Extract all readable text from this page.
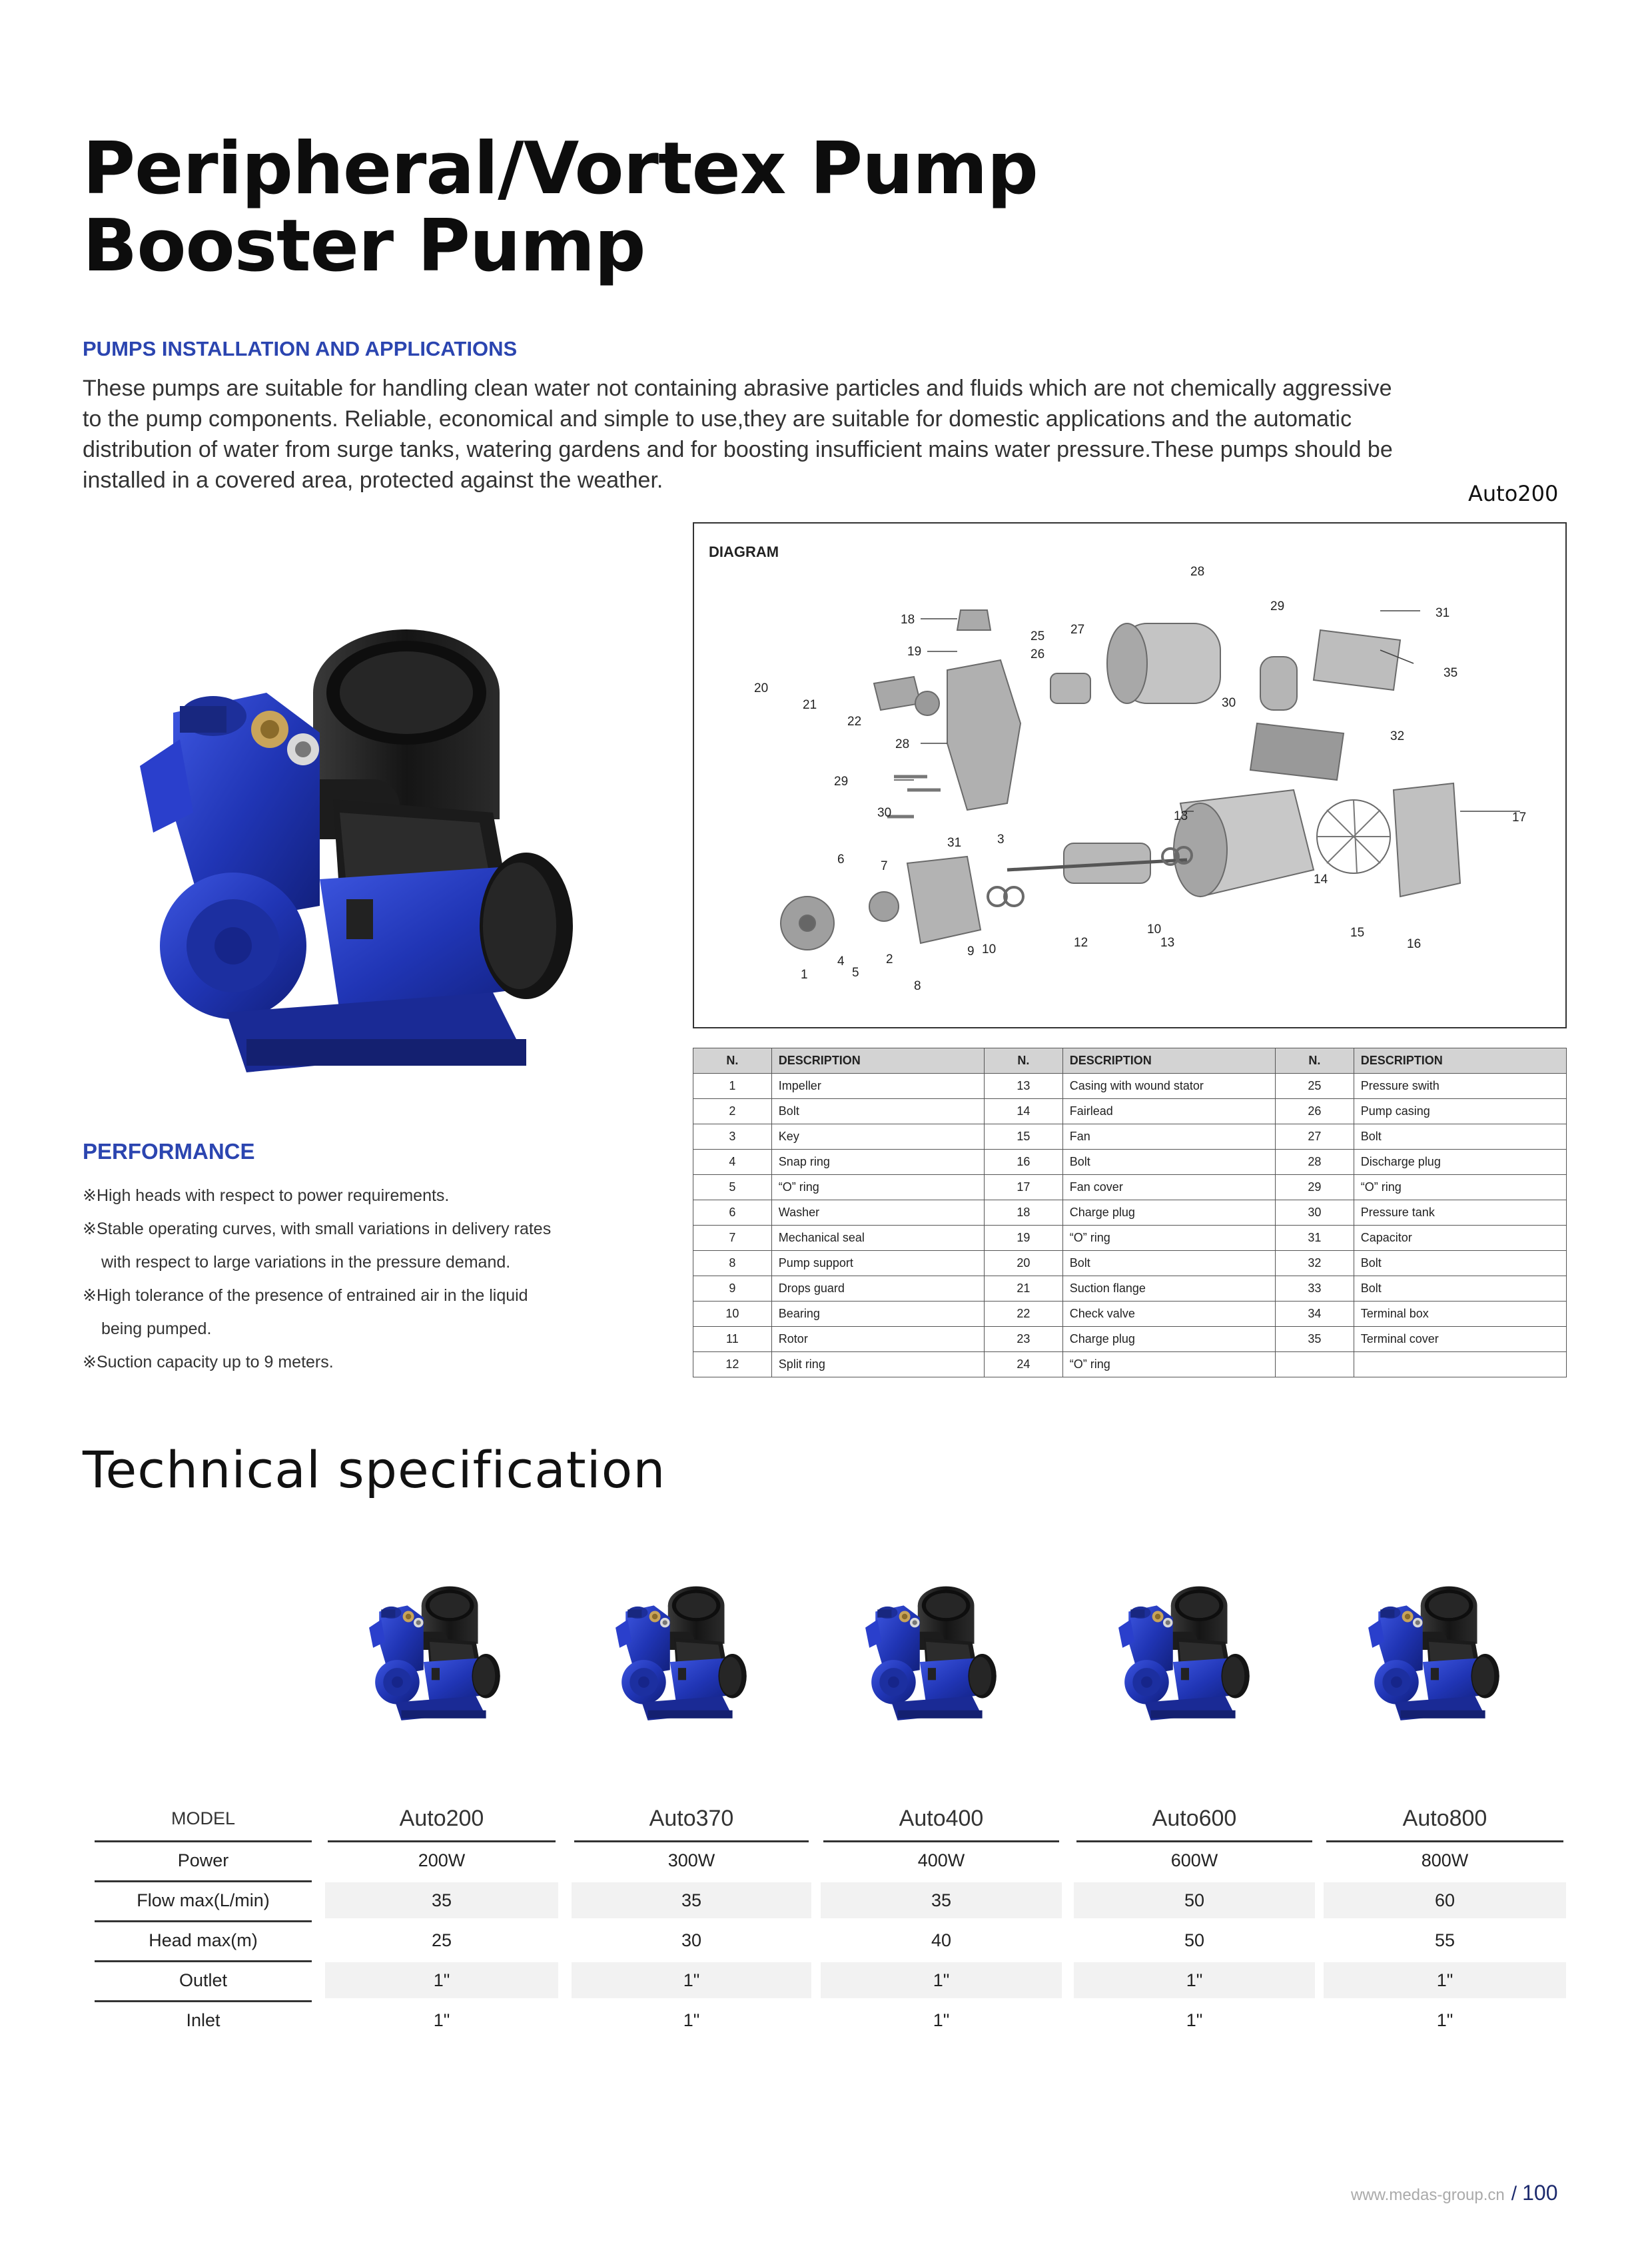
Peripheral/Vortex Pump
Booster Pump
PUMPS INSTALLATION AND APPLICATIONS
These pumps are suitable for handling clean water not containing abrasive particles and fluids which are not chemically aggressive
to the pump components. Reliable, economical and simple to use,they are suitable for domestic applications and the automatic
distribution of water from surge tanks, watering gardens and for boosting insufficient mains water pressure.These pumps should be
installed in a covered area, protected against the weather.
Auto200
DIAGRAM
28
29	31
35
18
19
25
26
27
20
21
22
28
30
32
29
30
31	3
13	17
6	7
14
10	15
12	13	16
9 10
4	2
1	5
8
N.	DESCRIPTION	N.	DESCRIPTION	N.	DESCRIPTION
1	Impeller	13	Casing with wound stator	25	Pressure swith
2	Bolt	14	Fairlead	26	Pump casing
3	Key	15	Fan	27	Bolt
4	Snap ring	16	Bolt	28	Discharge plug
5	“O” ring	17	Fan cover	29	“O” ring
6	Washer	18	Charge plug	30	Pressure tank
7	Mechanical seal	19	“O” ring	31	Capacitor
8	Pump support	20	Bolt	32	Bolt
9	Drops guard	21	Suction flange	33	Bolt
10	Bearing	22	Check valve	34	Terminal box
11	Rotor	23	Charge plug	35	Terminal cover
12	Split ring	24	“O” ring		
PERFORMANCE
※High heads with respect to power requirements.
※Stable operating curves, with small variations in delivery rates
with respect to large variations in the pressure demand.
※High tolerance of the presence of entrained air in the liquid
being pumped.
※Suction capacity up to 9 meters.
Technical specification
MODEL	Auto200	Auto370	Auto400	Auto600	Auto800
Power	200W	300W	400W	600W	800W
Flow max(L/min)	35	35	35	50	60
Head max(m)	25	30	40	50	55
Outlet	1"	1"	1"	1"	1"
Inlet	1"	1"	1"	1"	1"
www.medas-group.cn / 100
